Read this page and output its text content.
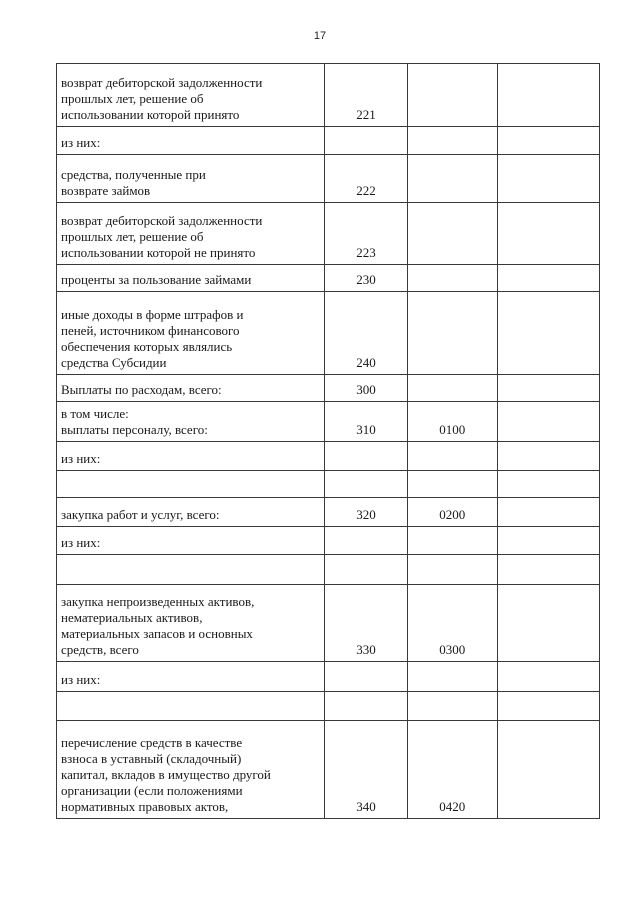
17
возврат дебиторской задолженности
прошлых лет, решение об
использовании которой принято	221		

из них:			

средства, полученные при
возврате займов	222		

возврат дебиторской задолженности
прошлых лет, решение об
использовании которой не принято	223		

проценты за пользование займами	230		

иные доходы в форме штрафов и
пеней, источником финансового
обеспечения которых являлись
средства Субсидии	240		

Выплаты по расходам, всего:	300		

в том числе:
выплаты персоналу, всего:	310	0100	

из них:			

закупка работ и услуг, всего:	320	0200	

из них:			

закупка непроизведенных активов,
нематериальных активов,
материальных запасов и основных
средств, всего	330	0300	

из них:			

перечисление средств в качестве
взноса в уставный (складочный)
капитал, вкладов в имущество другой
организации (если положениями
нормативных правовых актов,	340	0420	
